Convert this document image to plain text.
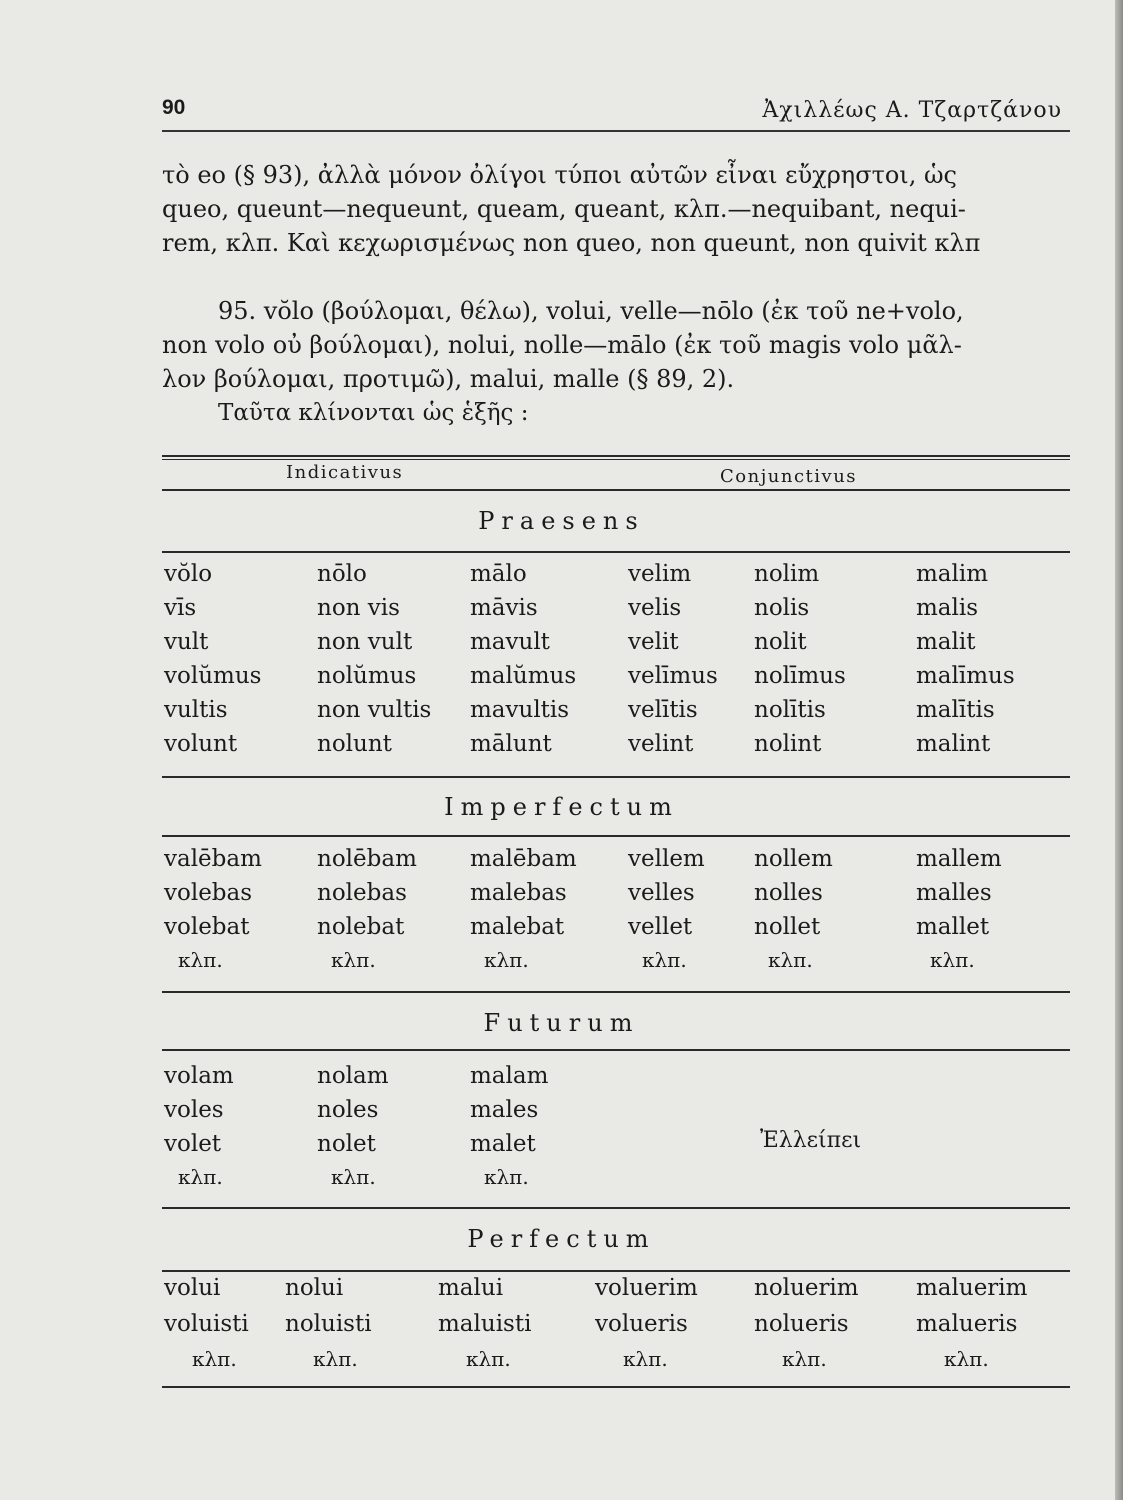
90	Ἀχιλλέως Α. Τζαρτζάνου
τὸ eo (§ 93), ἀλλὰ μόνον ὀλίγοι τύποι αὐτῶν εἶναι εὔχρηστοι, ὡς
queo, queunt—nequeunt, queam, queant, κλπ.—nequibant, nequi-
rem, κλπ. Καὶ κεχωρισμένως non queo, non queunt, non quivit κλπ
95. vŏlo (βούλομαι, θέλω), volui, velle—nōlo (ἐκ τοῦ ne+volo,
non volo οὐ βούλομαι), nolui, nolle—mālo (ἐκ τοῦ magis volo μᾶλ-
λον βούλομαι, προτιμῶ), malui, malle (§ 89, 2).
Ταῦτα κλίνονται ὡς ἑξῆς :
Indicativus	Conjunctivus
Praesens
vŏlo	nōlo	mālo	velim	nolim	malim
vīs	non vis	māvis	velis	nolis	malis
vult	non vult	mavult	velit	nolit	malit
volŭmus nolŭmus malŭmus velīmus nolīmus	malīmus
vultis	non vultis mavultis	velītis nolītis	malītis
volunt	nolunt	mālunt	velint	nolint	malint
Imperfectum
valēbam nolēbam malēbam vellem nollem	mallem
volebas	nolebas	malebas	velles	nolles	malles
volebat	nolebat	malebat	vellet	nollet	mallet
κλπ.	κλπ.	κλπ.	κλπ.	κλπ.	κλπ.
Futurum
volam	nolam	malam
voles	noles	males
volet	nolet	malet
κλπ.	κλπ.	κλπ.
Ἐλλείπει
Perfectum
volui	nolui	malui	voluerim noluerim maluerim
voluisti noluisti	maluisti	volueris	nolueris	malueris
κλπ.	κλπ.	κλπ.	κλπ.	κλπ.	κλπ.
